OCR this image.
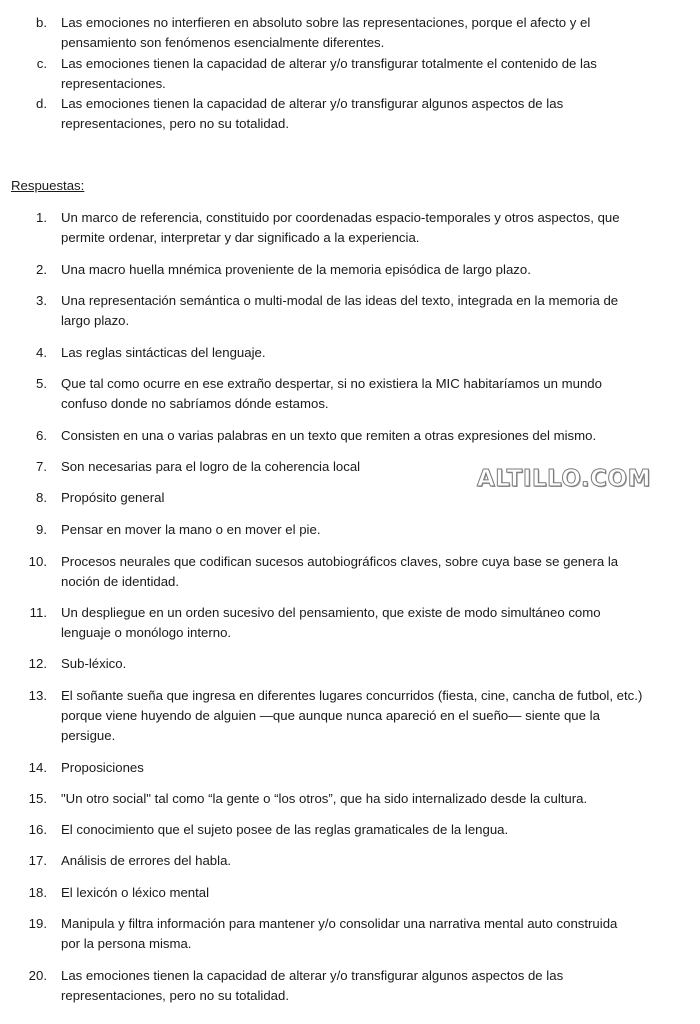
b. Las emociones no interfieren en absoluto sobre las representaciones, porque el afecto y el
pensamiento son fenómenos esencialmente diferentes.
c. Las emociones tienen la capacidad de alterar y/o transfigurar totalmente el contenido de las
representaciones.
d. Las emociones tienen la capacidad de alterar y/o transfigurar algunos aspectos de las
representaciones, pero no su totalidad.
Respuestas:
1. Un marco de referencia, constituido por coordenadas espacio-temporales y otros aspectos, que
permite ordenar, interpretar y dar significado a la experiencia.
2. Una macro huella mnémica proveniente de la memoria episódica de largo plazo.
3. Una representación semántica o multi-modal de las ideas del texto, integrada en la memoria de
largo plazo.
4. Las reglas sintácticas del lenguaje.
5. Que tal como ocurre en ese extraño despertar, si no existiera la MIC habitaríamos un mundo
confuso donde no sabríamos dónde estamos.
6. Consisten en una o varias palabras en un texto que remiten a otras expresiones del mismo.
7. Son necesarias para el logro de la coherencia local
8. Propósito general
9. Pensar en mover la mano o en mover el pie.
10. Procesos neurales que codifican sucesos autobiográficos claves, sobre cuya base se genera la
noción de identidad.
11. Un despliegue en un orden sucesivo del pensamiento, que existe de modo simultáneo como
lenguaje o monólogo interno.
12. Sub-léxico.
13. El soñante sueña que ingresa en diferentes lugares concurridos (fiesta, cine, cancha de futbol, etc.)
porque viene huyendo de alguien —que aunque nunca apareció en el sueño— siente que la
persigue.
14. Proposiciones
15. "Un otro social" tal como “la gente o “los otros”, que ha sido internalizado desde la cultura.
16. El conocimiento que el sujeto posee de las reglas gramaticales de la lengua.
17. Análisis de errores del habla.
18. El lexicón o léxico mental
19. Manipula y filtra información para mantener y/o consolidar una narrativa mental auto construida
por la persona misma.
20. Las emociones tienen la capacidad de alterar y/o transfigurar algunos aspectos de las
representaciones, pero no su totalidad.
ALTILLO.COM
